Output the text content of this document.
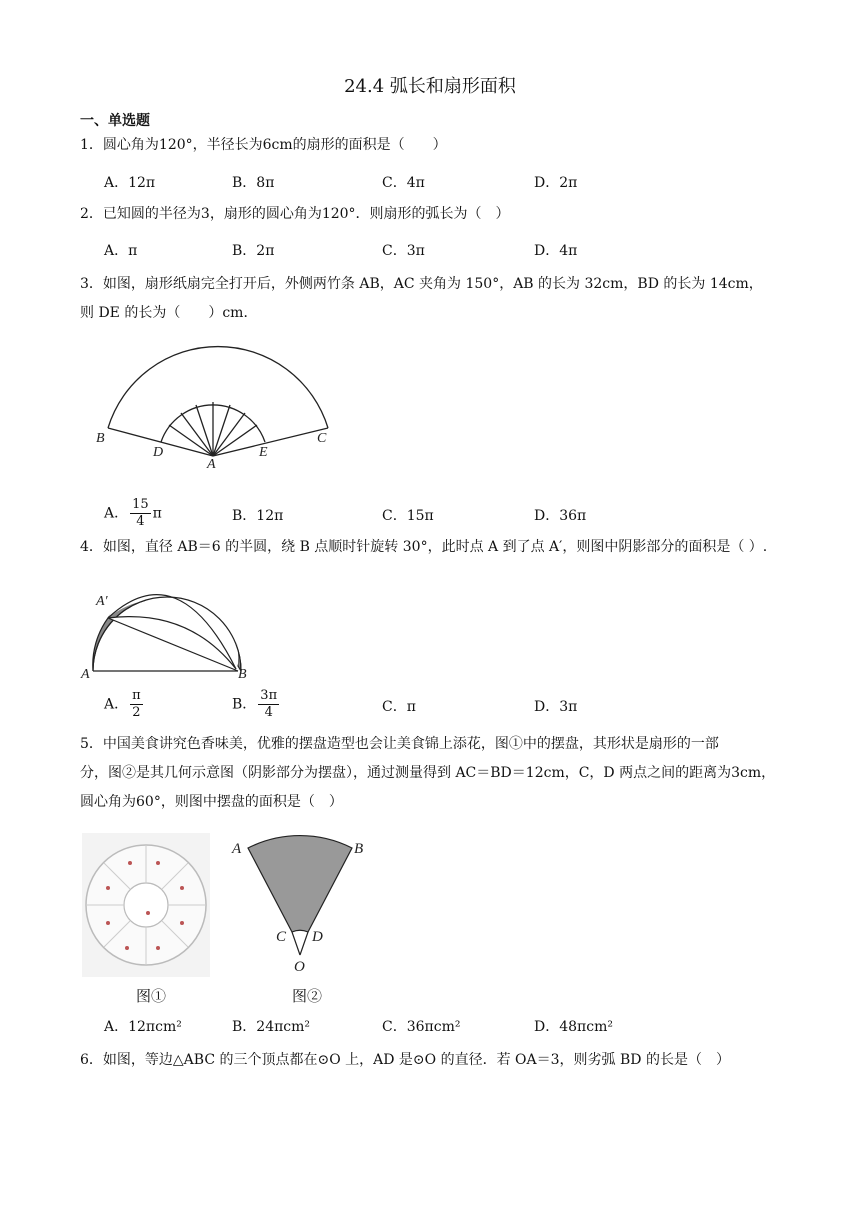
24.4 弧长和扇形面积
一、单选题
1．圆心角为120°，半径长为6cm的扇形的面积是（　　）
A．12π	B．8π	C．4π	D．2π
2．已知圆的半径为3，扇形的圆心角为120°．则扇形的弧长为（　）
A．π	B．2π	C．3π	D．4π
3．如图，扇形纸扇完全打开后，外侧两竹条 AB，AC 夹角为 150°，AB 的长为 32cm，BD 的长为 14cm，
则 DE 的长为（　　）cm．
B
D
A
E
C
A． $\frac{15}{4}$ π	B．12π	C．15π	D．36π
4．如图，直径 AB＝6 的半圆，绕 B 点顺时针旋转 30°，此时点 A 到了点 A′，则图中阴影部分的面积是（ ）.
A′
A	B
A． $\frac{\pi}{2}$	B． $\frac{3\pi}{4}$	C．π	D．3π
5．中国美食讲究色香味美，优雅的摆盘造型也会让美食锦上添花，图①中的摆盘，其形状是扇形的一部
分，图②是其几何示意图（阴影部分为摆盘），通过测量得到 AC＝BD＝12cm，C，D 两点之间的距离为3cm，
圆心角为60°，则图中摆盘的面积是（　）
A	B
C D
O
图①	图②
A．12πcm²	B．24πcm²	C．36πcm²	D．48πcm²
6．如图，等边△ABC 的三个顶点都在⊙O 上，AD 是⊙O 的直径．若 OA＝3，则劣弧 BD 的长是（　）
